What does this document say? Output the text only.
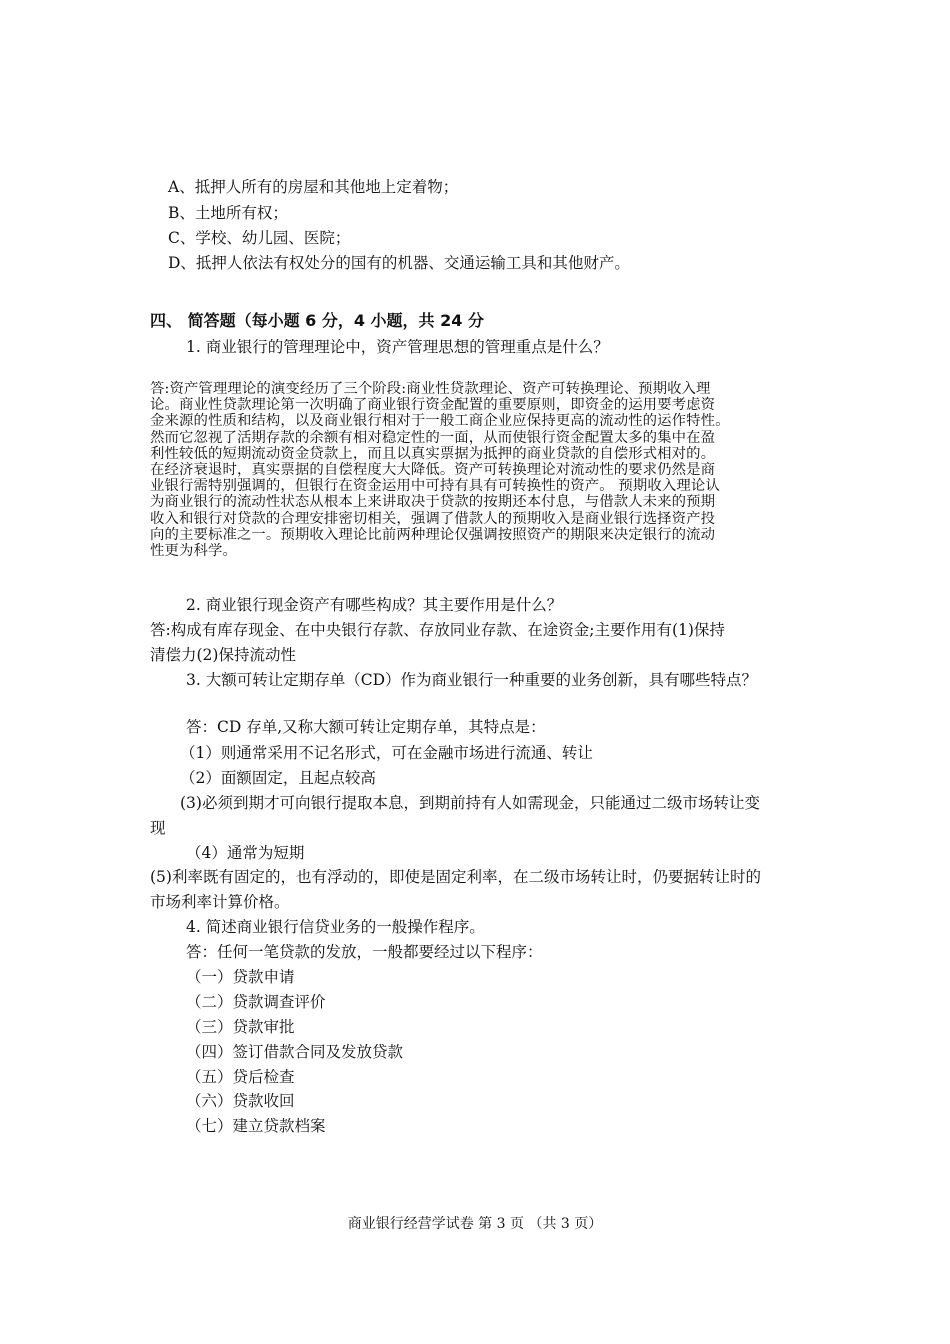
A、抵押人所有的房屋和其他地上定着物；
B、土地所有权；
C、学校、幼儿园、医院；
D、抵押人依法有权处分的国有的机器、交通运输工具和其他财产。
四、 简答题（每小题 6 分，4 小题，共 24 分
1. 商业银行的管理理论中，资产管理思想的管理重点是什么？
答:资产管理理论的演变经历了三个阶段:商业性贷款理论、资产可转换理论、预期收入理
论。商业性贷款理论第一次明确了商业银行资金配置的重要原则，即资金的运用要考虑资
金来源的性质和结构，以及商业银行相对于一般工商企业应保持更高的流动性的运作特性。
然而它忽视了活期存款的余额有相对稳定性的一面，从而使银行资金配置太多的集中在盈
利性较低的短期流动资金贷款上，而且以真实票据为抵押的商业贷款的自偿形式相对的。
在经济衰退时，真实票据的自偿程度大大降低。资产可转换理论对流动性的要求仍然是商
业银行需特别强调的，但银行在资金运用中可持有具有可转换性的资产。 预期收入理论认
为商业银行的流动性状态从根本上来讲取决于贷款的按期还本付息，与借款人未来的预期
收入和银行对贷款的合理安排密切相关，强调了借款人的预期收入是商业银行选择资产投
向的主要标准之一。预期收入理论比前两种理论仅强调按照资产的期限来决定银行的流动
性更为科学。
2. 商业银行现金资产有哪些构成？其主要作用是什么？
答:构成有库存现金、在中央银行存款、存放同业存款、在途资金;主要作用有(1)保持
清偿力(2)保持流动性
3. 大额可转让定期存单（CD）作为商业银行一种重要的业务创新，具有哪些特点？
答：CD 存单,又称大额可转让定期存单，其特点是：
（1）则通常采用不记名形式，可在金融市场进行流通、转让
（2）面额固定，且起点较高
(3)必须到期才可向银行提取本息，到期前持有人如需现金，只能通过二级市场转让变
现
（4）通常为短期
(5)利率既有固定的，也有浮动的，即使是固定利率，在二级市场转让时，仍要据转让时的
市场利率计算价格。
4. 简述商业银行信贷业务的一般操作程序。
答：任何一笔贷款的发放，一般都要经过以下程序：
（一）贷款申请
（二）贷款调查评价
（三）贷款审批
（四）签订借款合同及发放贷款
（五）贷后检查
（六）贷款收回
（七）建立贷款档案
商业银行经营学试卷 第 3 页 （共 3 页）
